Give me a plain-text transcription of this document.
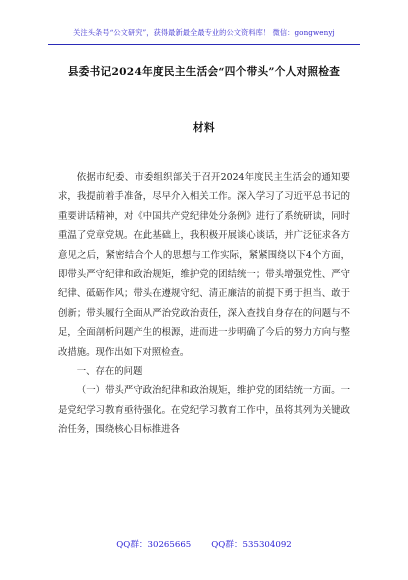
关注头条号“公文研究”，获得最新最全最专业的公文资料库！ 微信：gongwenyj
县委书记2024年度民主生活会“四个带头”个人对照检查
材料

依据市纪委、市委组织部关于召开2024年度民主生活会的通知要求，我提前着手准备，尽早介入相关工作。深入学习了习近平总书记的重要讲话精神，对《中国共产党纪律处分条例》进行了系统研读，同时重温了党章党规。在此基础上，我积极开展谈心谈话，并广泛征求各方意见之后，紧密结合个人的思想与工作实际，紧紧围绕以下4个方面，即带头严守纪律和政治规矩，维护党的团结统一；带头增强党性、严守纪律、砥砺作风；带头在遵规守纪、清正廉洁的前提下勇于担当、敢于创新；带头履行全面从严治党政治责任，深入查找自身存在的问题与不足，全面剖析问题产生的根源，进而进一步明确了今后的努力方向与整改措施。现作出如下对照检查。

一、存在的问题

（一）带头严守政治纪律和政治规矩，维护党的团结统一方面。一是党纪学习教育亟待强化。在党纪学习教育工作中，虽将其列为关键政治任务，围绕核心目标推进各

QQ群：30265665 QQ群：535304092
